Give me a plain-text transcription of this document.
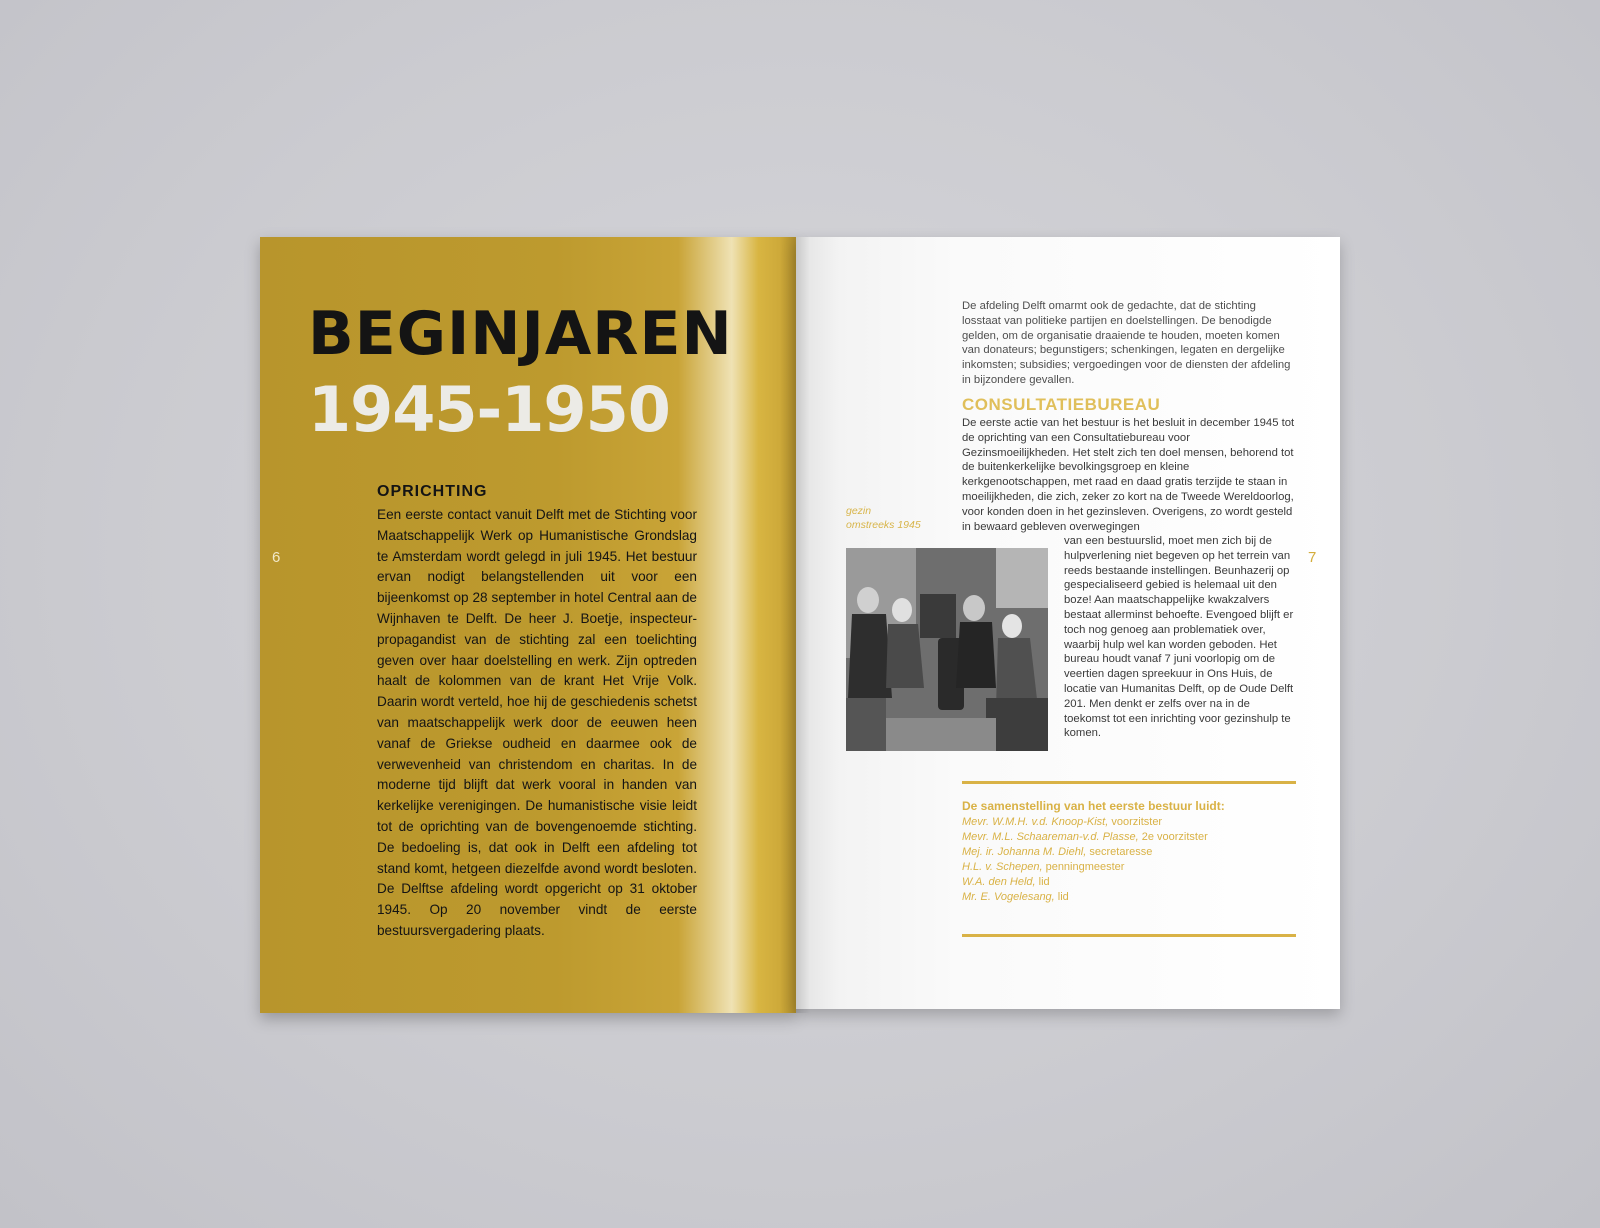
BEGINJAREN
1945-1950
6
OPRICHTING

Een eerste contact vanuit Delft met de Stichting voor Maatschappelijk Werk op Humanistische Grondslag te Amsterdam wordt gelegd in juli 1945. Het bestuur ervan nodigt belangstellenden uit voor een bijeenkomst op 28 september in hotel Central aan de Wijnhaven te Delft. De heer J. Boetje, inspecteur-propagandist van de stichting zal een toelichting geven over haar doelstelling en werk. Zijn optreden haalt de kolommen van de krant Het Vrije Volk. Daarin wordt verteld, hoe hij de geschiedenis schetst van maatschappelijk werk door de eeuwen heen vanaf de Griekse oudheid en daarmee ook de verwevenheid van christendom en charitas. In de moderne tijd blijft dat werk vooral in handen van kerkelijke verenigingen. De humanistische visie leidt tot de oprichting van de bovengenoemde stichting. De bedoeling is, dat ook in Delft een afdeling tot stand komt, hetgeen diezelfde avond wordt besloten. De Delftse afdeling wordt opgericht op 31 oktober 1945. Op 20 november vindt de eerste bestuursvergadering plaats.

De afdeling Delft omarmt ook de gedachte, dat de stichting losstaat van politieke partijen en doelstellingen. De benodigde gelden, om de organisatie draaiende te houden, moeten komen van donateurs; begunstigers; schenkingen, legaten en dergelijke inkomsten; subsidies; vergoedingen voor de diensten der afdeling in bijzondere gevallen.

CONSULTATIEBUREAU

De eerste actie van het bestuur is het besluit in december 1945 tot de oprichting van een Consultatiebureau voor Gezinsmoeilijkheden. Het stelt zich ten doel mensen, behorend tot de buitenkerkelijke bevolkingsgroep en kleine kerkgenootschappen, met raad en daad gratis terzijde te staan in moeilijkheden, die zich, zeker zo kort na de Tweede Wereldoorlog, voor konden doen in het gezinsleven. Overigens, zo wordt gesteld in bewaard gebleven overwegingen

gezin
omstreeks 1945

van een bestuurslid, moet men zich bij de hulpverlening niet begeven op het terrein van reeds bestaande instellingen. Beunhazerij op gespecialiseerd gebied is helemaal uit den boze! Aan maatschappelijke kwakzalvers bestaat allerminst behoefte. Evengoed blijft er toch nog genoeg aan problematiek over, waarbij hulp wel kan worden geboden. Het bureau houdt vanaf 7 juni voorlopig om de veertien dagen spreekuur in Ons Huis, de locatie van Humanitas Delft, op de Oude Delft 201. Men denkt er zelfs over na in de toekomst tot een inrichting voor gezinshulp te komen.

7
De samenstelling van het eerste bestuur luidt:
Mevr. W.M.H. v.d. Knoop-Kist, voorzitster
Mevr. M.L. Schaareman-v.d. Plasse, 2e voorzitster
Mej. ir. Johanna M. Diehl, secretaresse
H.L. v. Schepen, penningmeester
W.A. den Held, lid
Mr. E. Vogelesang, lid
